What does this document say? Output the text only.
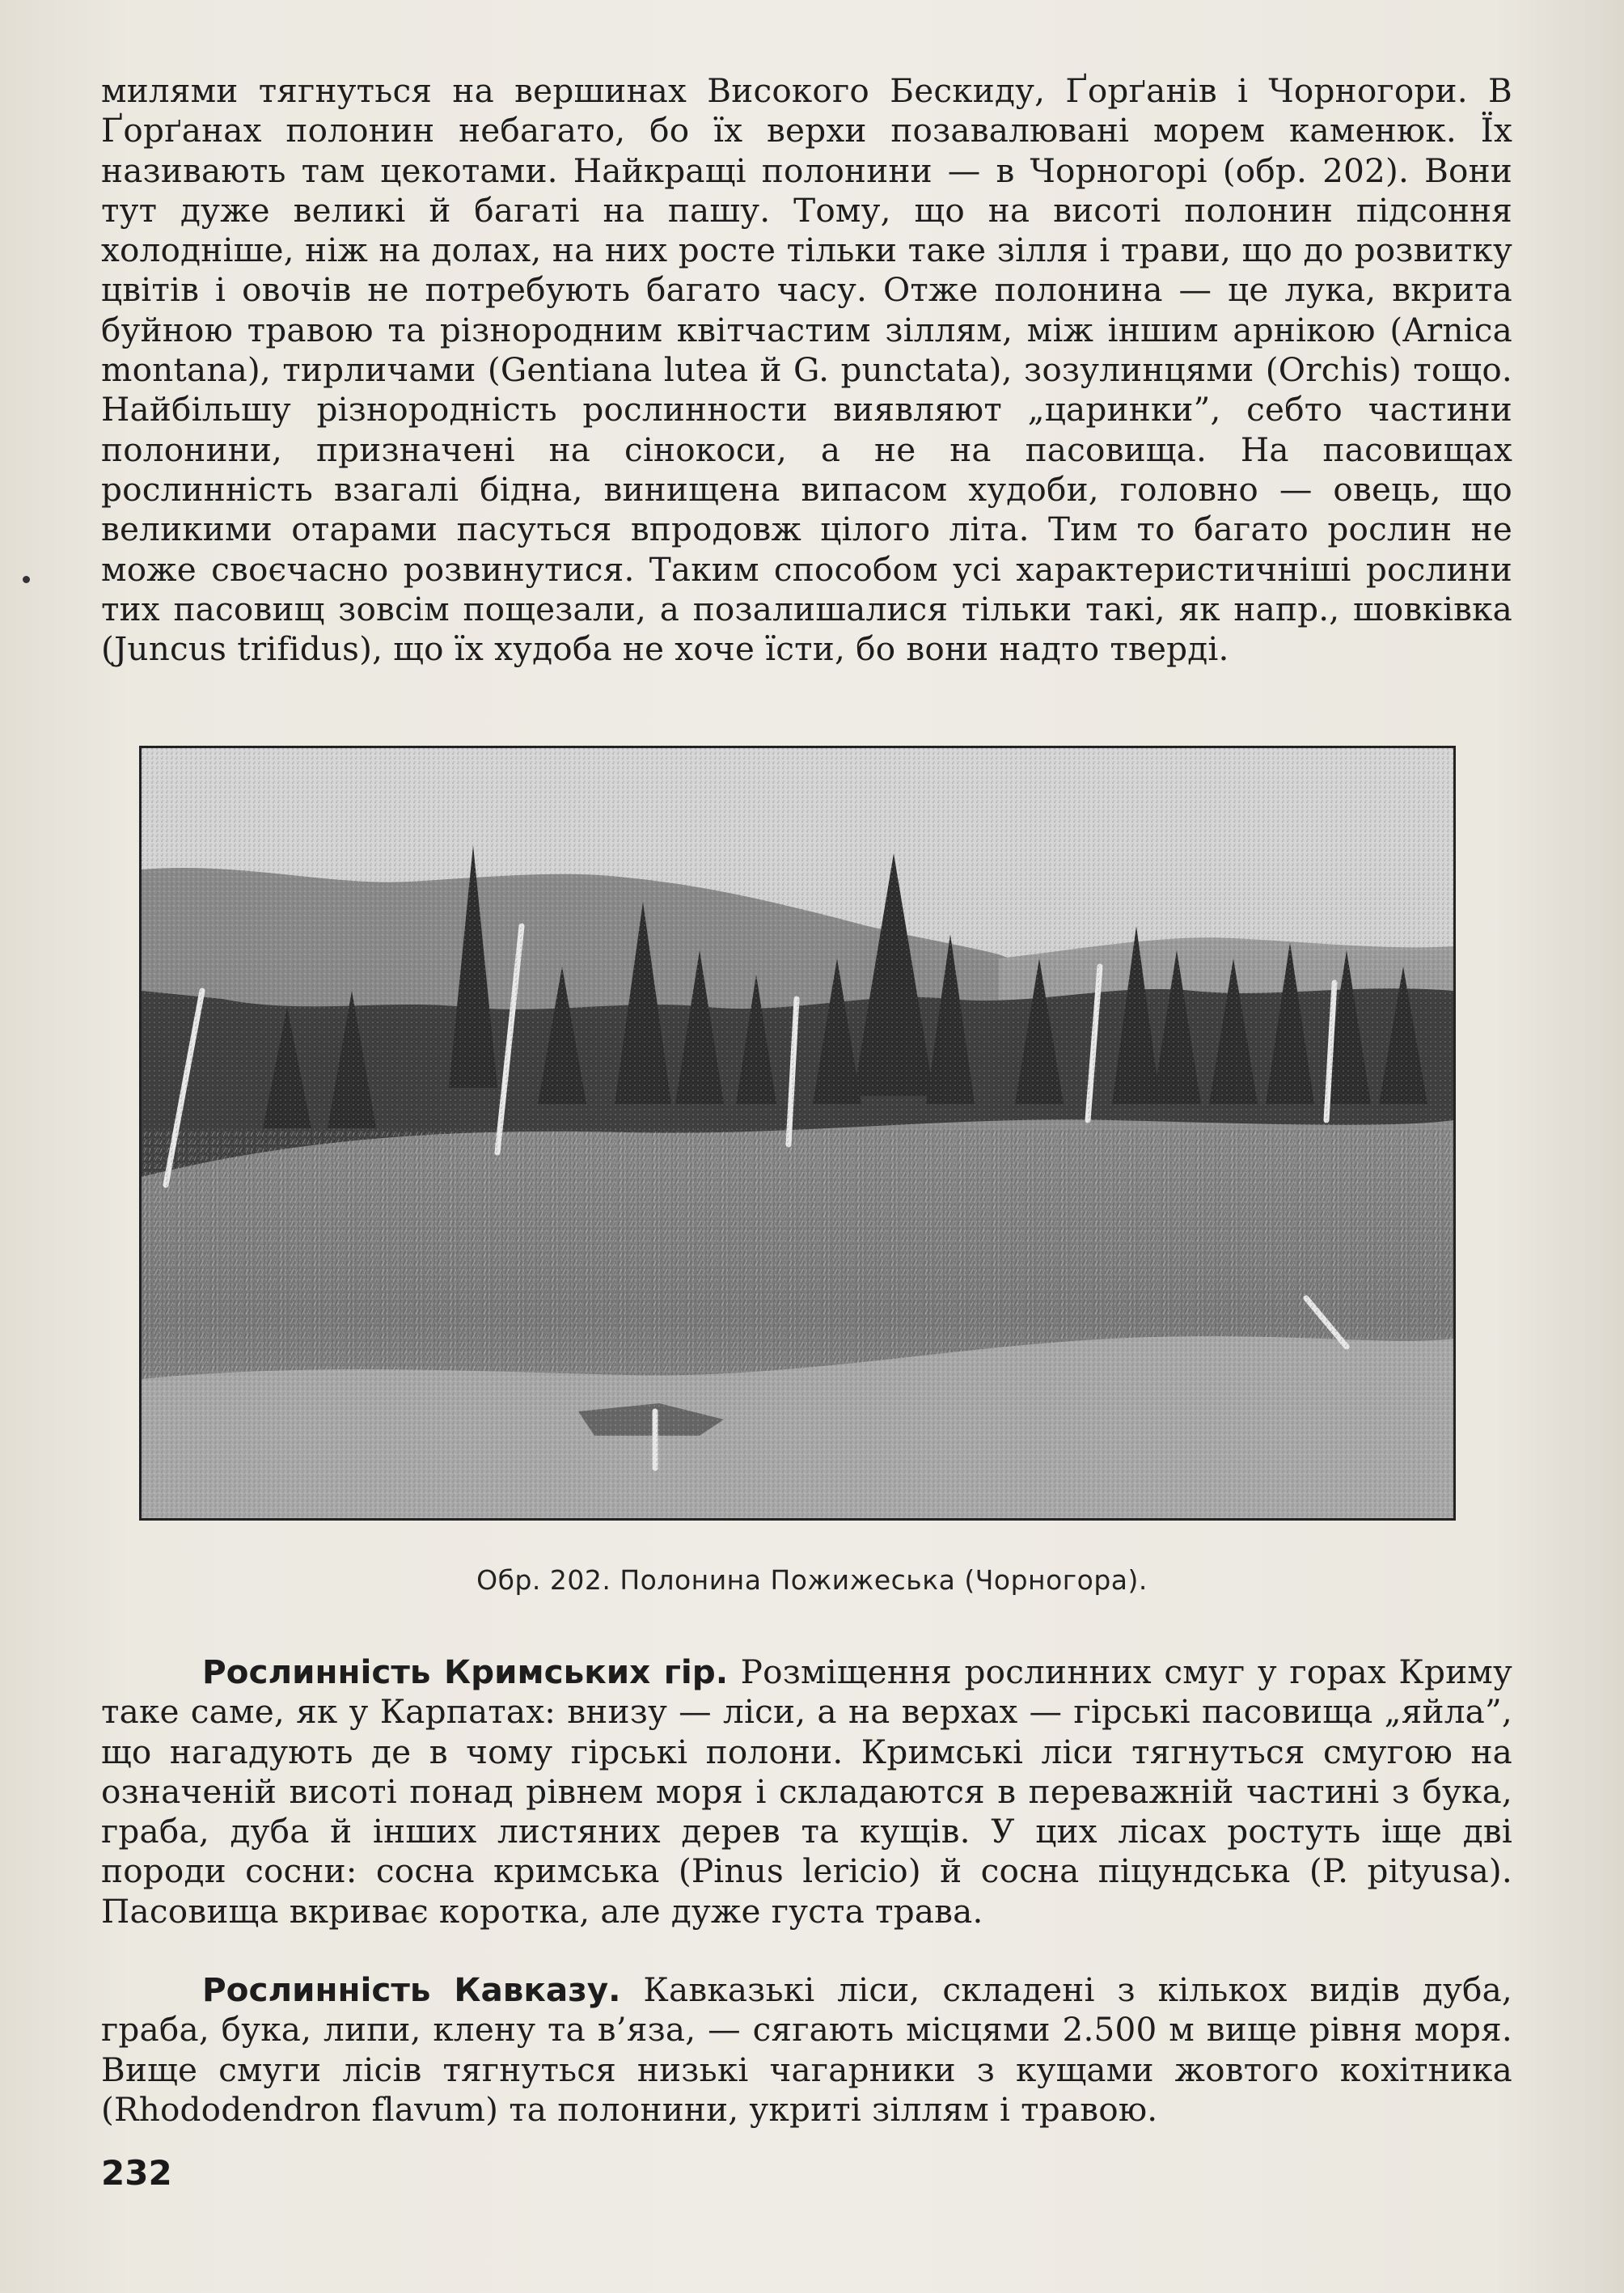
милями тягнуться на вершинах Високого Бескиду, Ґорґанів і Чорногори. В Ґорґанах полонин небагато, бо їх верхи позавалювані морем каменюк. Їх називають там цекотами. Найкращі полонини — в Чорногорі (обр. 202). Вони тут дуже великі й багаті на пашу. Тому, що на висоті полонин підсоння холодніше, ніж на долах, на них росте тільки таке зілля і трави, що до розвитку цвітів і овочів не потребують багато часу. Отже полонина — це лука, вкрита буйною травою та різнородним квітчастим зіллям, між іншим арнікою (Arnica montana), тирличами (Gentiana lutea й G. punctata), зозулинцями (Orchis) тощо. Найбільшу різнородність рослинности виявляют „царинки”, себто частини полонини, призначені на сінокоси, а не на пасовища. На пасовищах рослинність взагалі бідна, винищена випасом худоби, головно — овець, що великими отарами пасуться впродовж цілого літа. Тим то багато рослин не може своєчасно розвинутися. Таким способом усі характеристичніші рослини тих пасовищ зовсім пощезали, а позалишалися тільки такі, як напр., шовківка (Juncus trifidus), що їх худоба не хоче їсти, бо вони надто тверді.

Обр. 202. Полонина Пожижеська (Чорногора).

Рослинність Кримських гір. Розміщення рослинних смуг у горах Криму таке саме, як у Карпатах: внизу — ліси, а на верхах — гірські пасовища „яйла”, що нагадують де в чому гірські полони. Кримські ліси тягнуться смугою на означеній висоті понад рівнем моря і складаются в переважній частині з бука, граба, дуба й інших листяних дерев та кущів. У цих лісах ростуть іще дві породи сосни: сосна кримська (Pinus lericio) й сосна піцундська (P. pityusa). Пасовища вкриває коротка, але дуже густа трава.

Рослинність Кавказу. Кавказькі ліси, складені з кількох видів дуба, граба, бука, липи, клену та в’яза, — сягають місцями 2.500 м вище рівня моря. Вище смуги лісів тягнуться низькі чагарники з кущами жовтого кохітника (Rhododendron flavum) та полонини, укриті зіллям і травою.

232
